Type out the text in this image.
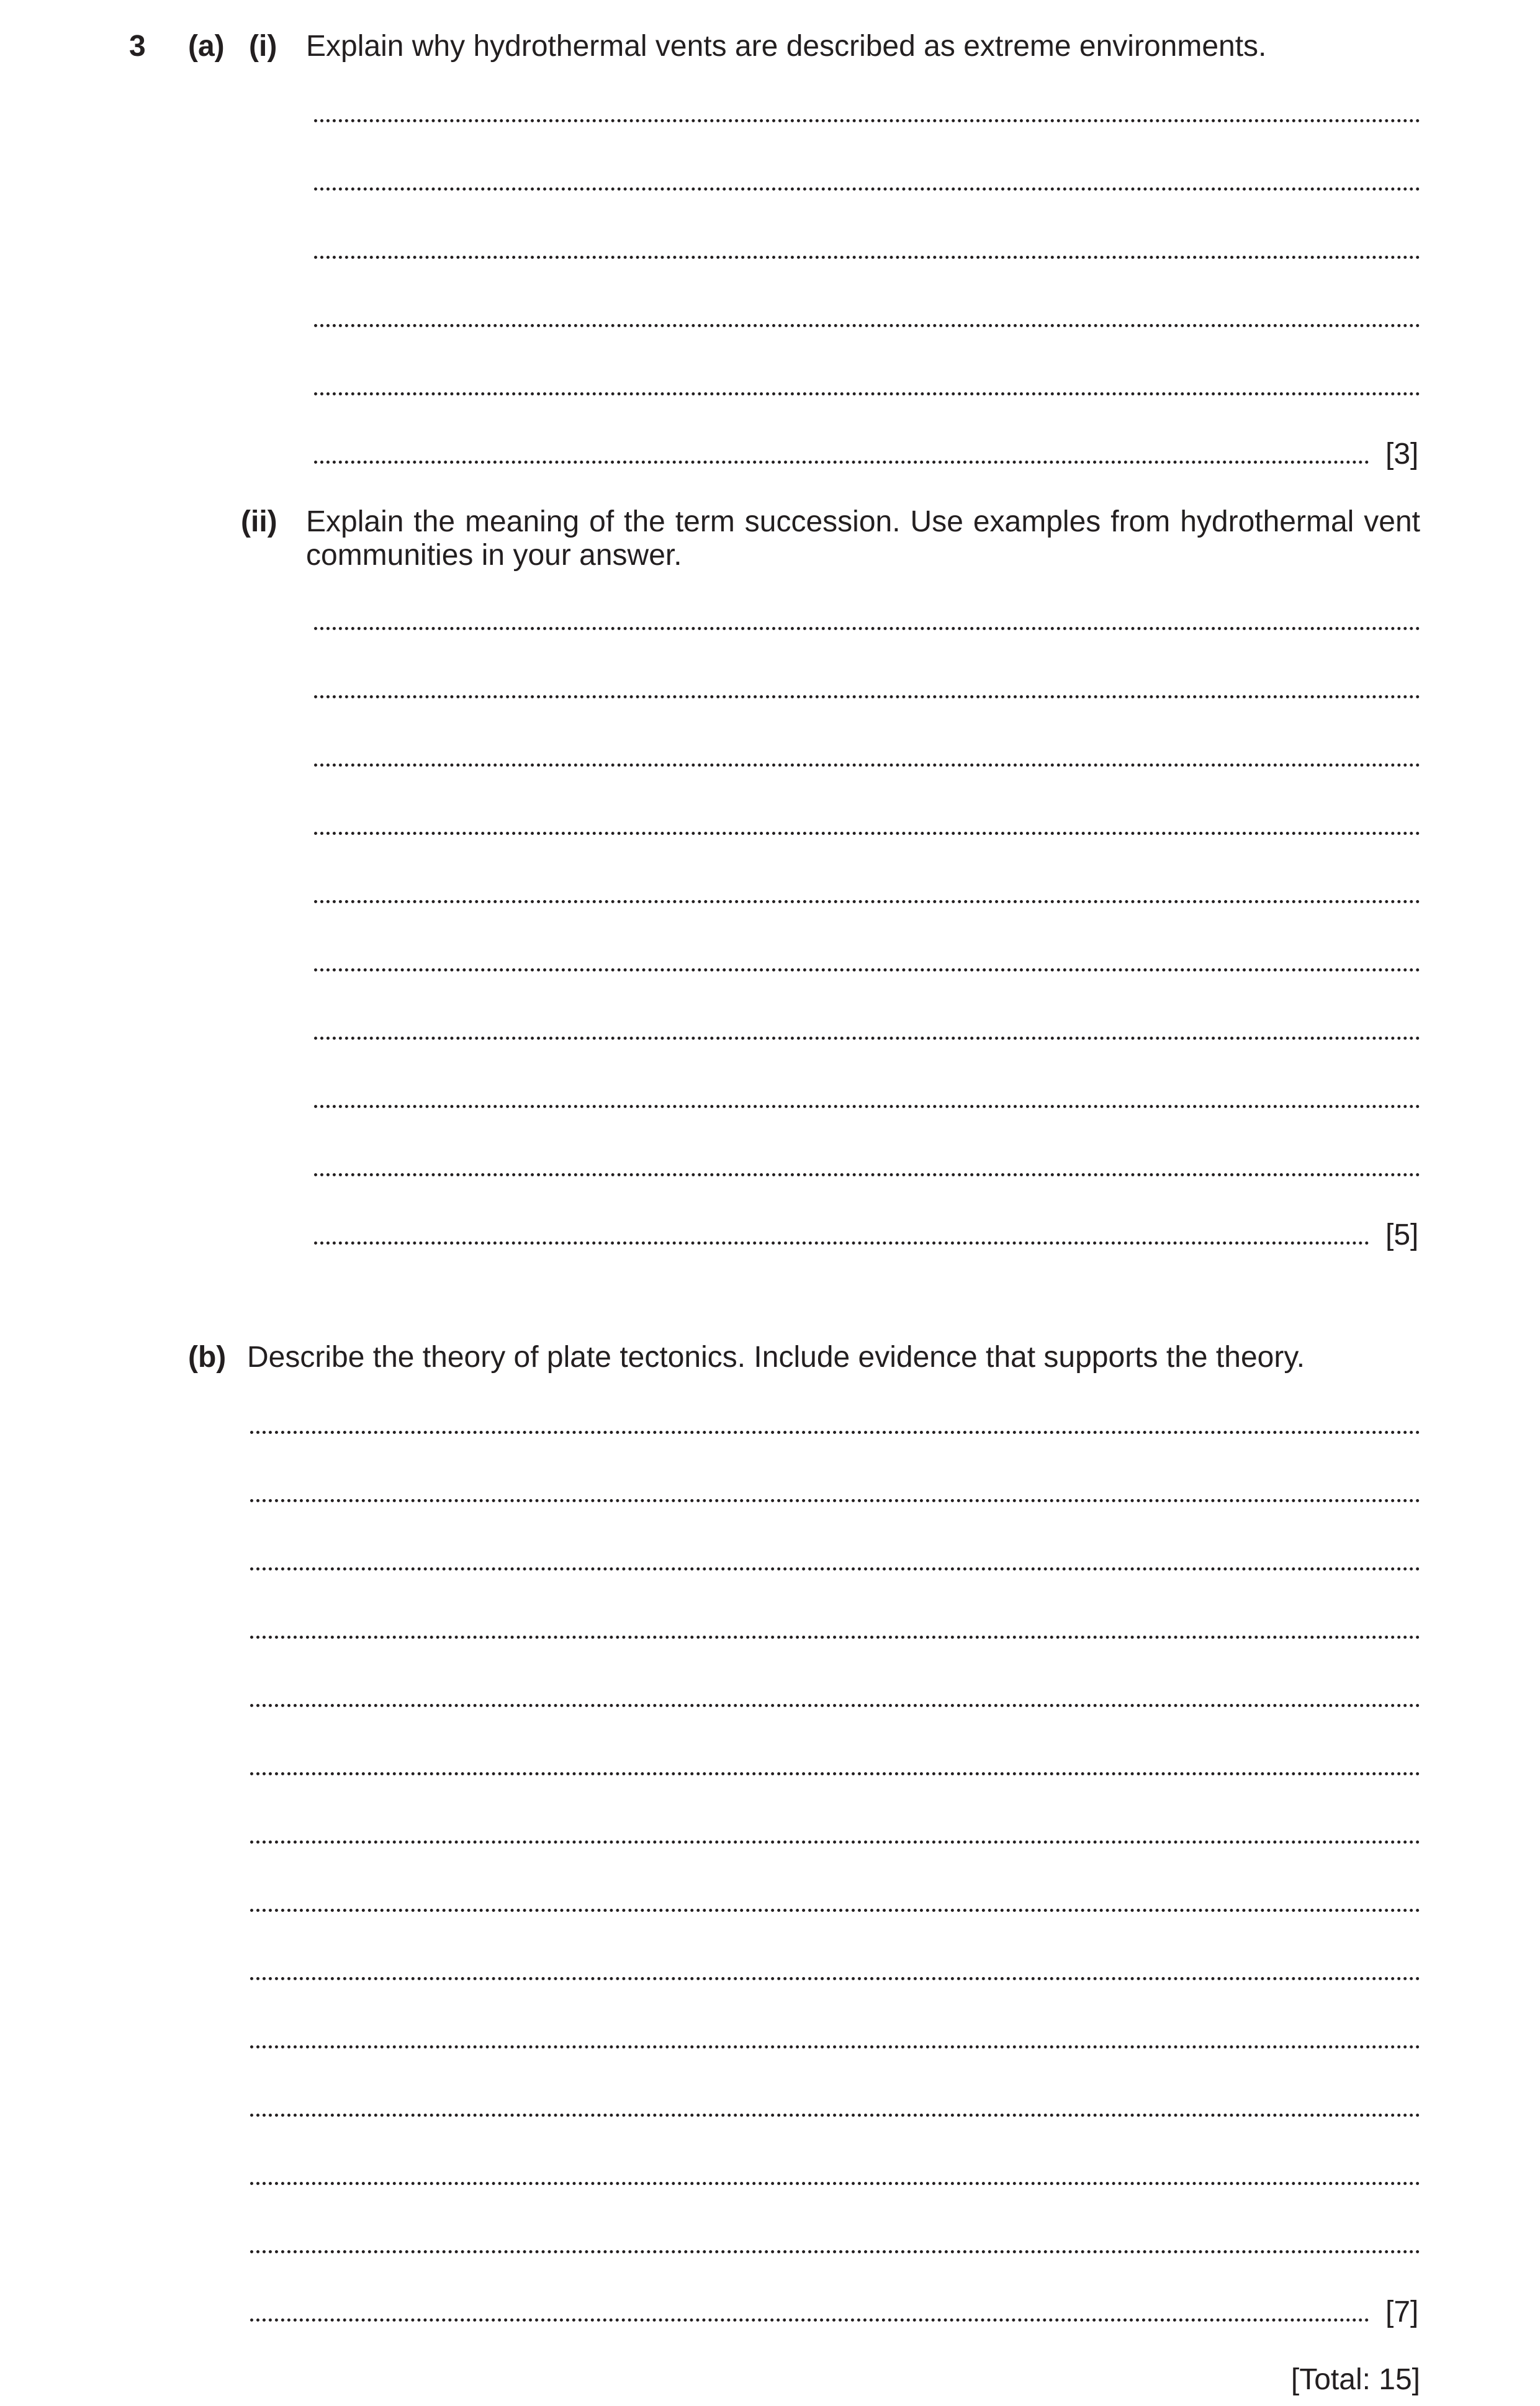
3 (a) (i) Explain why hydrothermal vents are described as extreme environments.
[3]
(ii) Explain the meaning of the term succession. Use examples from hydrothermal vent communities in your answer.
[5]
(b) Describe the theory of plate tectonics. Include evidence that supports the theory.
[7]
[Total: 15]
